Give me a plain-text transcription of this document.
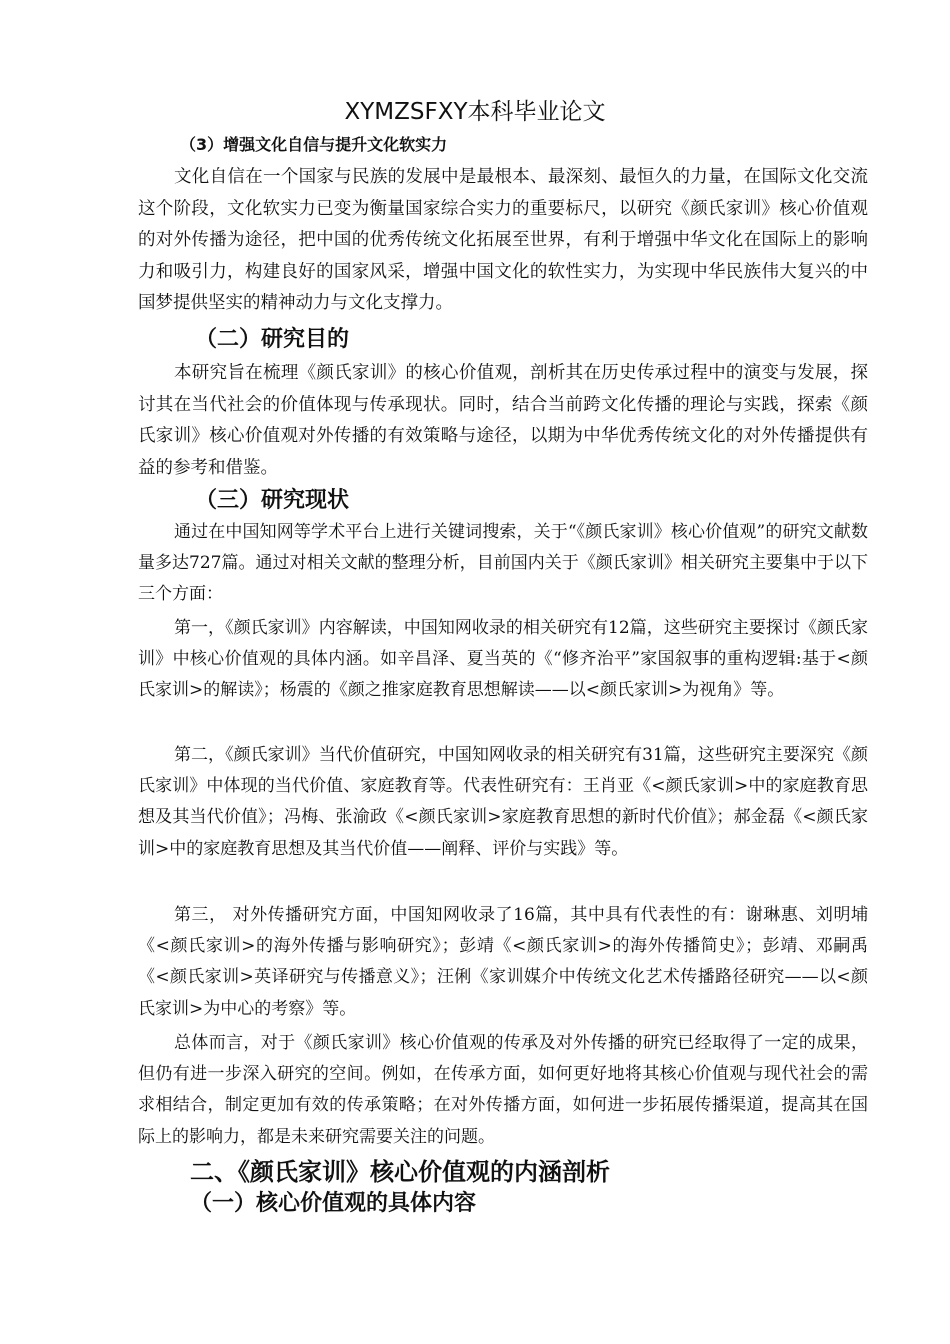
XYMZSFXY本科毕业论文
（3）增强文化自信与提升文化软实力

文化自信在一个国家与民族的发展中是最根本、最深刻、最恒久的力量，在国际文化交流这个阶段，文化软实力已变为衡量国家综合实力的重要标尺，以研究《颜氏家训》核心价值观的对外传播为途径，把中国的优秀传统文化拓展至世界，有利于增强中华文化在国际上的影响力和吸引力，构建良好的国家风采，增强中国文化的软性实力，为实现中华民族伟大复兴的中国梦提供坚实的精神动力与文化支撑力。

（二）研究目的

本研究旨在梳理《颜氏家训》的核心价值观，剖析其在历史传承过程中的演变与发展，探讨其在当代社会的价值体现与传承现状。同时，结合当前跨文化传播的理论与实践，探索《颜氏家训》核心价值观对外传播的有效策略与途径，以期为中华优秀传统文化的对外传播提供有益的参考和借鉴。

（三）研究现状

通过在中国知网等学术平台上进行关键词搜索，关于“《颜氏家训》核心价值观”的研究文献数量多达727篇。通过对相关文献的整理分析，目前国内关于《颜氏家训》相关研究主要集中于以下三个方面：

第一，《颜氏家训》内容解读，中国知网收录的相关研究有12篇，这些研究主要探讨《颜氏家训》中核心价值观的具体内涵。如辛昌泽、夏当英的《“修齐治平”家国叙事的重构逻辑:基于<颜氏家训>的解读》；杨震的《颜之推家庭教育思想解读——以<颜氏家训>为视角》等。

第二，《颜氏家训》当代价值研究，中国知网收录的相关研究有31篇，这些研究主要深究《颜氏家训》中体现的当代价值、家庭教育等。代表性研究有：王肖亚《<颜氏家训>中的家庭教育思想及其当代价值》；冯梅、张渝政《<颜氏家训>家庭教育思想的新时代价值》；郝金磊《<颜氏家训>中的家庭教育思想及其当代价值——阐释、评价与实践》等。

第三， 对外传播研究方面，中国知网收录了16篇，其中具有代表性的有：谢琳惠、刘明埔《<颜氏家训>的海外传播与影响研究》；彭靖《<颜氏家训>的海外传播简史》；彭靖、邓嗣禹《<颜氏家训>英译研究与传播意义》；汪俐《家训媒介中传统文化艺术传播路径研究——以<颜氏家训>为中心的考察》等。

总体而言，对于《颜氏家训》核心价值观的传承及对外传播的研究已经取得了一定的成果，但仍有进一步深入研究的空间。例如，在传承方面，如何更好地将其核心价值观与现代社会的需求相结合，制定更加有效的传承策略；在对外传播方面，如何进一步拓展传播渠道，提高其在国际上的影响力，都是未来研究需要关注的问题。

二、《颜氏家训》核心价值观的内涵剖析
（一）核心价值观的具体内容
